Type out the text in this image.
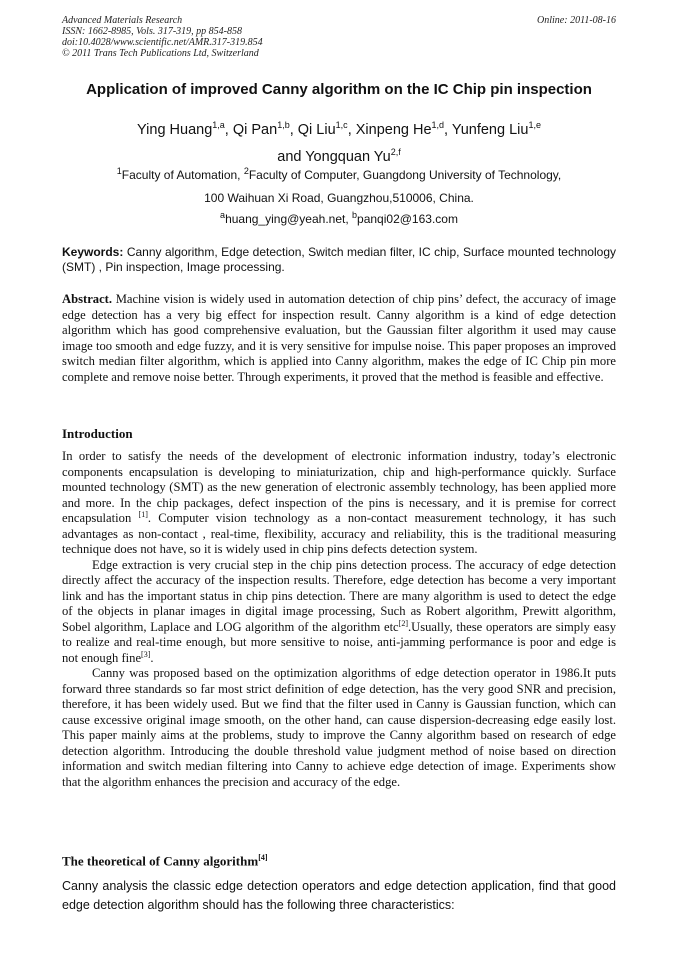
Advanced Materials Research
ISSN: 1662-8985, Vols. 317-319, pp 854-858
doi:10.4028/www.scientific.net/AMR.317-319.854
© 2011 Trans Tech Publications Ltd, Switzerland
Online: 2011-08-16
Application of improved Canny algorithm on the IC Chip pin inspection
Ying Huang$^{1,a}$, Qi Pan$^{1,b}$, Qi Liu$^{1,c}$, Xinpeng He$^{1,d}$, Yunfeng Liu$^{1,e}$
and Yongquan Yu$^{2,f}$
$^1$Faculty of Automation, $^2$Faculty of Computer, Guangdong University of Technology,
100 Waihuan Xi Road, Guangzhou,510006, China.
$^a$huang_ying@yeah.net, $^b$panqi02@163.com
Keywords: Canny algorithm, Edge detection, Switch median filter, IC chip, Surface mounted technology (SMT) , Pin inspection, Image processing.

Abstract. Machine vision is widely used in automation detection of chip pins’ defect, the accuracy of image edge detection has a very big effect for inspection result. Canny algorithm is a kind of edge detection algorithm which has good comprehensive evaluation, but the Gaussian filter algorithm it used may cause image too smooth and edge fuzzy, and it is very sensitive for impulse noise. This paper proposes an improved switch median filter algorithm, which is applied into Canny algorithm, makes the edge of IC Chip pin more complete and remove noise better. Through experiments, it proved that the method is feasible and effective.

Introduction

In order to satisfy the needs of the development of electronic information industry, today’s electronic components encapsulation is developing to miniaturization, chip and high-performance quickly. Surface mounted technology (SMT) as the new generation of electronic assembly technology, has been applied more and more. In the chip packages, defect inspection of the pins is necessary, and it is premise for correct encapsulation [1]. Computer vision technology as a non-contact measurement technology, it has such advantages as non-contact , real-time, flexibility, accuracy and reliability, this is the traditional measuring technique does not have, so it is widely used in chip pins defects detection system.

Edge extraction is very crucial step in the chip pins detection process. The accuracy of edge detection directly affect the accuracy of the inspection results. Therefore, edge detection has become a very important link and has the important status in chip pins detection. There are many algorithm is used to detect the edge of the objects in planar images in digital image processing, Such as Robert algorithm, Prewitt algorithm, Sobel algorithm, Laplace and LOG algorithm of the algorithm etc[2].Usually, these operators are simply easy to realize and real-time enough, but more sensitive to noise, anti-jamming performance is poor and edge is not enough fine[3].

Canny was proposed based on the optimization algorithms of edge detection operator in 1986.It puts forward three standards so far most strict definition of edge detection, has the very good SNR and precision, therefore, it has been widely used. But we find that the filter used in Canny is Gaussian function, which can cause excessive original image smooth, on the other hand, can cause dispersion-decreasing edge easily lost. This paper mainly aims at the problems, study to improve the Canny algorithm based on research of edge detection algorithm. Introducing the double threshold value judgment method of noise based on direction information and switch median filtering into Canny to achieve edge detection of image. Experiments show that the algorithm enhances the precision and accuracy of the edge.

The theoretical of Canny algorithm[4]
Canny analysis the classic edge detection operators and edge detection application, find that good edge detection algorithm should has the following three characteristics:
